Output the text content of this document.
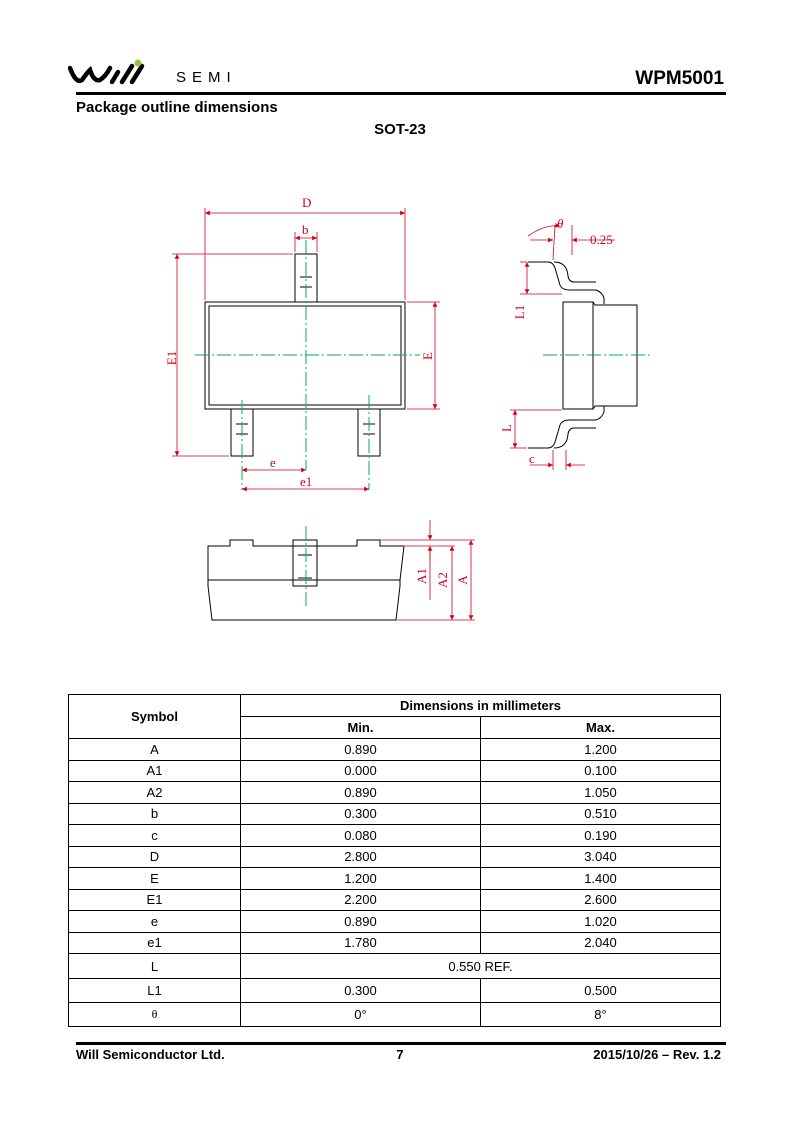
SEMI	WPM5001
Package outline dimensions
SOT-23
D
b
E1	E
e
e1
θ
0.25
L1
L
c
A1 A2 A
Symbol	Dimensions in millimeters	
	Min.	Max.
A	0.890	1.200
A1	0.000	0.100
A2	0.890	1.050
b	0.300	0.510
c	0.080	0.190
D	2.800	3.040
E	1.200	1.400
E1	2.200	2.600
e	0.890	1.020
e1	1.780	2.040
L	0.550 REF.	
L1	0.300	0.500
θ	0°	8°
Will Semiconductor Ltd.	7	2015/10/26 – Rev. 1.2
